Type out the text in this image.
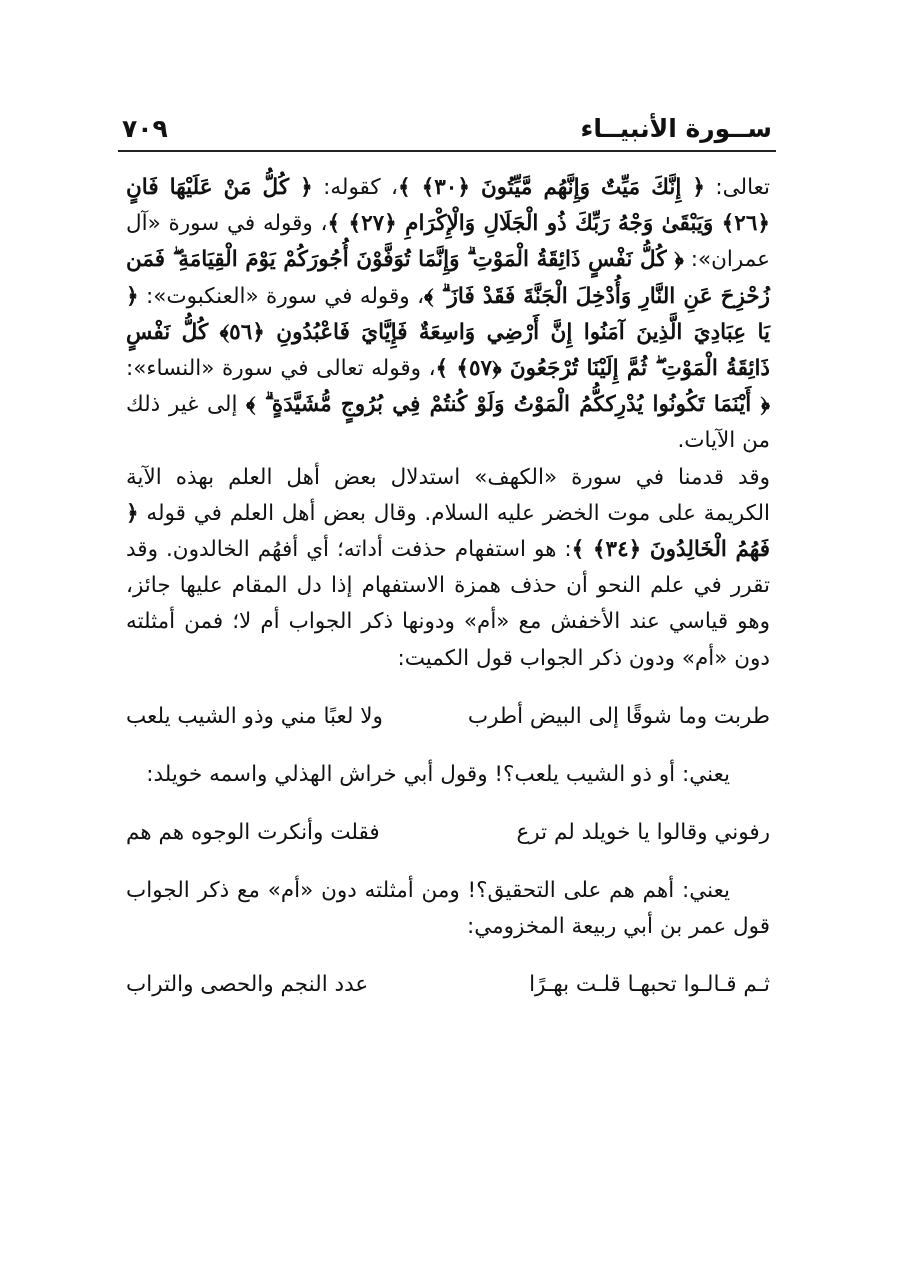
ســورة الأنبيــاء
٧٠٩

تعالى: ﴿ إِنَّكَ مَيِّتٌ وَإِنَّهُم مَّيِّتُونَ ﴿٣٠﴾ ﴾، كقوله: ﴿ كُلُّ مَنْ عَلَيْهَا فَانٍ ﴿٢٦﴾ وَيَبْقَىٰ وَجْهُ رَبِّكَ ذُو الْجَلَالِ وَالْإِكْرَامِ ﴿٢٧﴾ ﴾، وقوله في سورة «آل عمران»: ﴿ كُلُّ نَفْسٍ ذَائِقَةُ الْمَوْتِ ۗ وَإِنَّمَا تُوَفَّوْنَ أُجُورَكُمْ يَوْمَ الْقِيَامَةِ ۖ فَمَن زُحْزِحَ عَنِ النَّارِ وَأُدْخِلَ الْجَنَّةَ فَقَدْ فَازَ ۗ ﴾، وقوله في سورة «العنكبوت»: ﴿ يَا عِبَادِيَ الَّذِينَ آمَنُوا إِنَّ أَرْضِي وَاسِعَةٌ فَإِيَّايَ فَاعْبُدُونِ ﴿٥٦﴾ كُلُّ نَفْسٍ ذَائِقَةُ الْمَوْتِ ۖ ثُمَّ إِلَيْنَا تُرْجَعُونَ ﴿٥٧﴾ ﴾، وقوله تعالى في سورة «النساء»: ﴿ أَيْنَمَا تَكُونُوا يُدْرِككُّمُ الْمَوْتُ وَلَوْ كُنتُمْ فِي بُرُوجٍ مُّشَيَّدَةٍ ۗ ﴾ إلى غير ذلك من الآيات.

وقد قدمنا في سورة «الكهف» استدلال بعض أهل العلم بهذه الآية الكريمة على موت الخضر عليه السلام. وقال بعض أهل العلم في قوله ﴿ فَهُمُ الْخَالِدُونَ ﴿٣٤﴾ ﴾: هو استفهام حذفت أداته؛ أي أفهُم الخالدون. وقد تقرر في علم النحو أن حذف همزة الاستفهام إذا دل المقام عليها جائز، وهو قياسي عند الأخفش مع «أم» ودونها ذكر الجواب أم لا؛ فمن أمثلته دون «أم» ودون ذكر الجواب قول الكميت:

طربت وما شوقًا إلى البيض أطرب
ولا لعبًا مني وذو الشيب يلعب

يعني: أو ذو الشيب يلعب؟! وقول أبي خراش الهذلي واسمه خويلد:

رفوني وقالوا يا خويلد لم ترع
فقلت وأنكرت الوجوه هم هم

يعني: أهم هم على التحقيق؟! ومن أمثلته دون «أم» مع ذكر الجواب قول عمر بن أبي ربيعة المخزومي:

ثـم قـالـوا تحبهـا قلـت بهـرًا
عدد النجم والحصى والتراب
